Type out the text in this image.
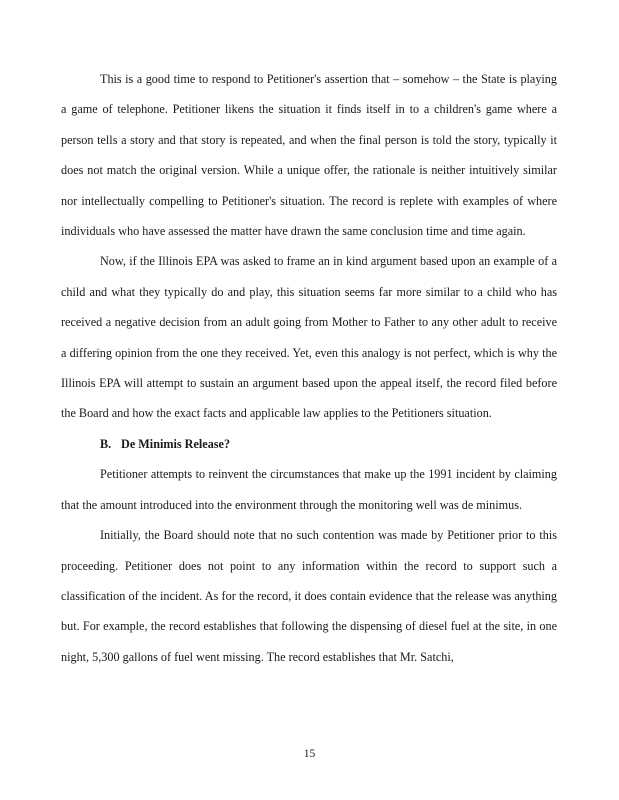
This is a good time to respond to Petitioner's assertion that – somehow – the State is playing a game of telephone. Petitioner likens the situation it finds itself in to a children's game where a person tells a story and that story is repeated, and when the final person is told the story, typically it does not match the original version. While a unique offer, the rationale is neither intuitively similar nor intellectually compelling to Petitioner's situation. The record is replete with examples of where individuals who have assessed the matter have drawn the same conclusion time and time again.

Now, if the Illinois EPA was asked to frame an in kind argument based upon an example of a child and what they typically do and play, this situation seems far more similar to a child who has received a negative decision from an adult going from Mother to Father to any other adult to receive a differing opinion from the one they received. Yet, even this analogy is not perfect, which is why the Illinois EPA will attempt to sustain an argument based upon the appeal itself, the record filed before the Board and how the exact facts and applicable law applies to the Petitioners situation.

B. De Minimis Release?

Petitioner attempts to reinvent the circumstances that make up the 1991 incident by claiming that the amount introduced into the environment through the monitoring well was de minimus.

Initially, the Board should note that no such contention was made by Petitioner prior to this proceeding. Petitioner does not point to any information within the record to support such a classification of the incident. As for the record, it does contain evidence that the release was anything but. For example, the record establishes that following the dispensing of diesel fuel at the site, in one night, 5,300 gallons of fuel went missing. The record establishes that Mr. Satchi,

15
